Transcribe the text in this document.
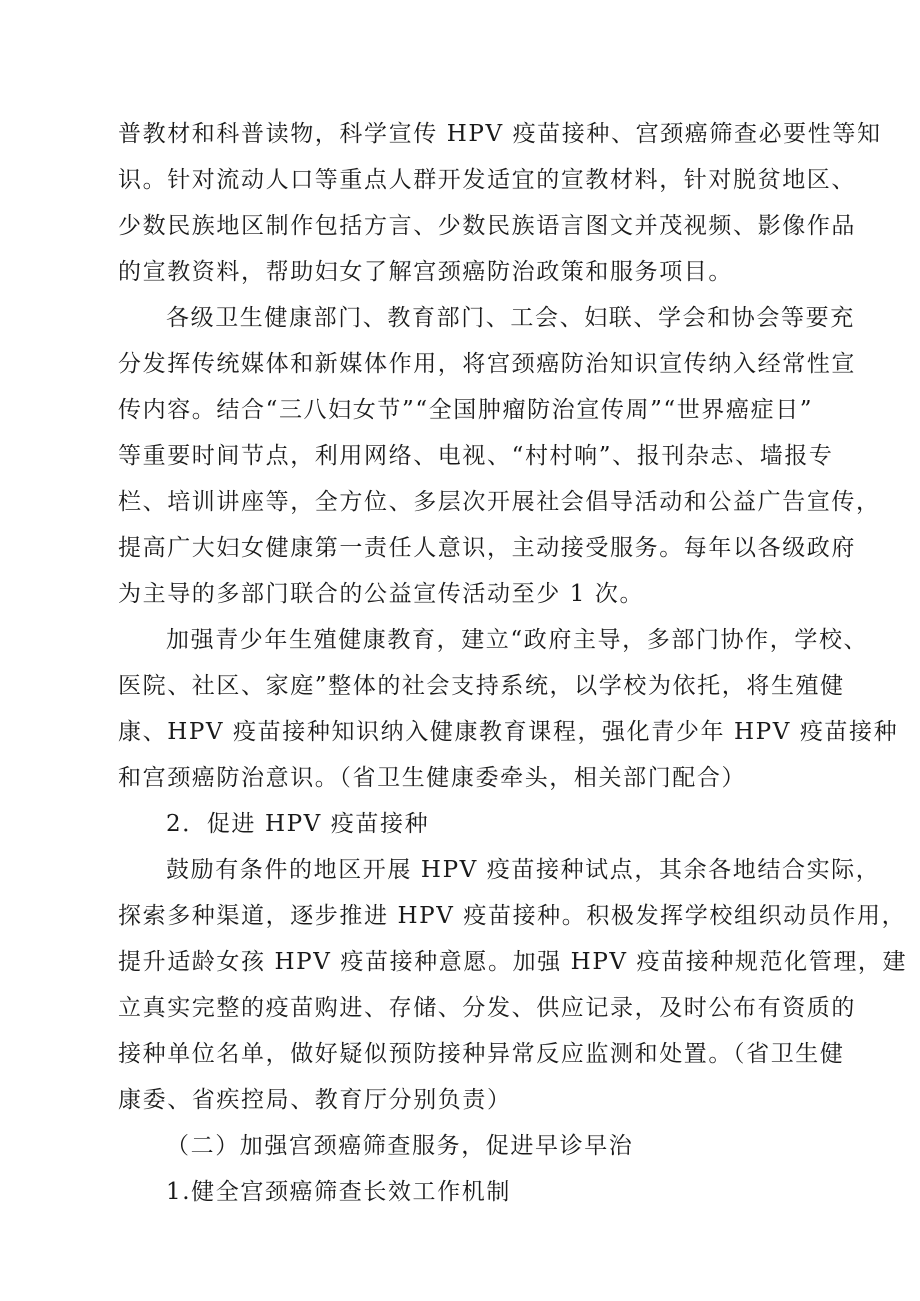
普教材和科普读物，科学宣传 HPV 疫苗接种、宫颈癌筛查必要性等知
识。针对流动人口等重点人群开发适宜的宣教材料，针对脱贫地区、
少数民族地区制作包括方言、少数民族语言图文并茂视频、影像作品
的宣教资料，帮助妇女了解宫颈癌防治政策和服务项目。
各级卫生健康部门、教育部门、工会、妇联、学会和协会等要充
分发挥传统媒体和新媒体作用，将宫颈癌防治知识宣传纳入经常性宣
传内容。结合“三八妇女节”“全国肿瘤防治宣传周”“世界癌症日”
等重要时间节点，利用网络、电视、“村村响”、报刊杂志、墙报专
栏、培训讲座等，全方位、多层次开展社会倡导活动和公益广告宣传，
提高广大妇女健康第一责任人意识，主动接受服务。每年以各级政府
为主导的多部门联合的公益宣传活动至少 1 次。
加强青少年生殖健康教育，建立“政府主导，多部门协作，学校、
医院、社区、家庭”整体的社会支持系统，以学校为依托，将生殖健
康、HPV 疫苗接种知识纳入健康教育课程，强化青少年 HPV 疫苗接种
和宫颈癌防治意识。（省卫生健康委牵头，相关部门配合）
2．促进 HPV 疫苗接种
鼓励有条件的地区开展 HPV 疫苗接种试点，其余各地结合实际，
探索多种渠道，逐步推进 HPV 疫苗接种。积极发挥学校组织动员作用，
提升适龄女孩 HPV 疫苗接种意愿。加强 HPV 疫苗接种规范化管理，建
立真实完整的疫苗购进、存储、分发、供应记录，及时公布有资质的
接种单位名单，做好疑似预防接种异常反应监测和处置。（省卫生健
康委、省疾控局、教育厅分别负责）
（二）加强宫颈癌筛查服务，促进早诊早治
1.健全宫颈癌筛查长效工作机制
